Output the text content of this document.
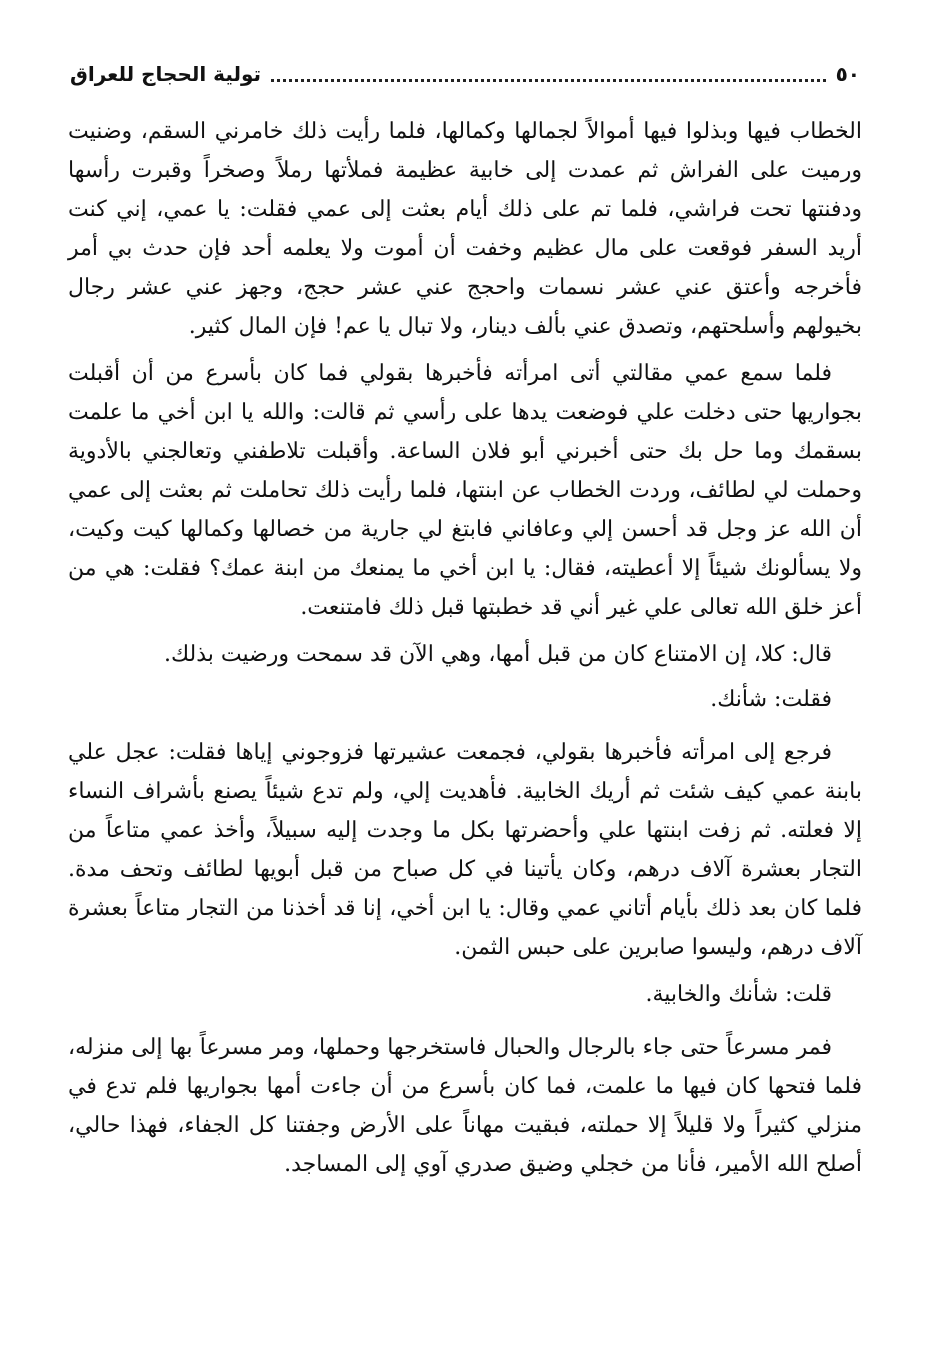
٥٠
تولية الحجاج للعراق

الخطاب فيها وبذلوا فيها أموالاً لجمالها وكمالها، فلما رأيت ذلك خامرني السقم، وضنيت ورميت على الفراش ثم عمدت إلى خابية عظيمة فملأتها رملاً وصخراً وقبرت رأسها ودفنتها تحت فراشي، فلما تم على ذلك أيام بعثت إلى عمي فقلت: يا عمي، إني كنت أريد السفر فوقعت على مال عظيم وخفت أن أموت ولا يعلمه أحد فإن حدث بي أمر فأخرجه وأعتق عني عشر نسمات واحجج عني عشر حجج، وجهز عني عشر رجال بخيولهم وأسلحتهم، وتصدق عني بألف دينار، ولا تبال يا عم! فإن المال كثير.

فلما سمع عمي مقالتي أتى امرأته فأخبرها بقولي فما كان بأسرع من أن أقبلت بجواريها حتى دخلت علي فوضعت يدها على رأسي ثم قالت: والله يا ابن أخي ما علمت بسقمك وما حل بك حتى أخبرني أبو فلان الساعة. وأقبلت تلاطفني وتعالجني بالأدوية وحملت لي لطائف، وردت الخطاب عن ابنتها، فلما رأيت ذلك تحاملت ثم بعثت إلى عمي أن الله عز وجل قد أحسن إلي وعافاني فابتغ لي جارية من خصالها وكمالها كيت وكيت، ولا يسألونك شيئاً إلا أعطيته، فقال: يا ابن أخي ما يمنعك من ابنة عمك؟ فقلت: هي من أعز خلق الله تعالى علي غير أني قد خطبتها قبل ذلك فامتنعت.

قال: كلا، إن الامتناع كان من قبل أمها، وهي الآن قد سمحت ورضيت بذلك.

فقلت: شأنك.

فرجع إلى امرأته فأخبرها بقولي، فجمعت عشيرتها فزوجوني إياها فقلت: عجل علي بابنة عمي كيف شئت ثم أريك الخابية. فأهديت إلي، ولم تدع شيئاً يصنع بأشراف النساء إلا فعلته. ثم زفت ابنتها علي وأحضرتها بكل ما وجدت إليه سبيلاً، وأخذ عمي متاعاً من التجار بعشرة آلاف درهم، وكان يأتينا في كل صباح من قبل أبويها لطائف وتحف مدة. فلما كان بعد ذلك بأيام أتاني عمي وقال: يا ابن أخي، إنا قد أخذنا من التجار متاعاً بعشرة آلاف درهم، وليسوا صابرين على حبس الثمن.

قلت: شأنك والخابية.

فمر مسرعاً حتى جاء بالرجال والحبال فاستخرجها وحملها، ومر مسرعاً بها إلى منزله، فلما فتحها كان فيها ما علمت، فما كان بأسرع من أن جاءت أمها بجواريها فلم تدع في منزلي كثيراً ولا قليلاً إلا حملته، فبقيت مهاناً على الأرض وجفتنا كل الجفاء، فهذا حالي، أصلح الله الأمير، فأنا من خجلي وضيق صدري آوي إلى المساجد.
